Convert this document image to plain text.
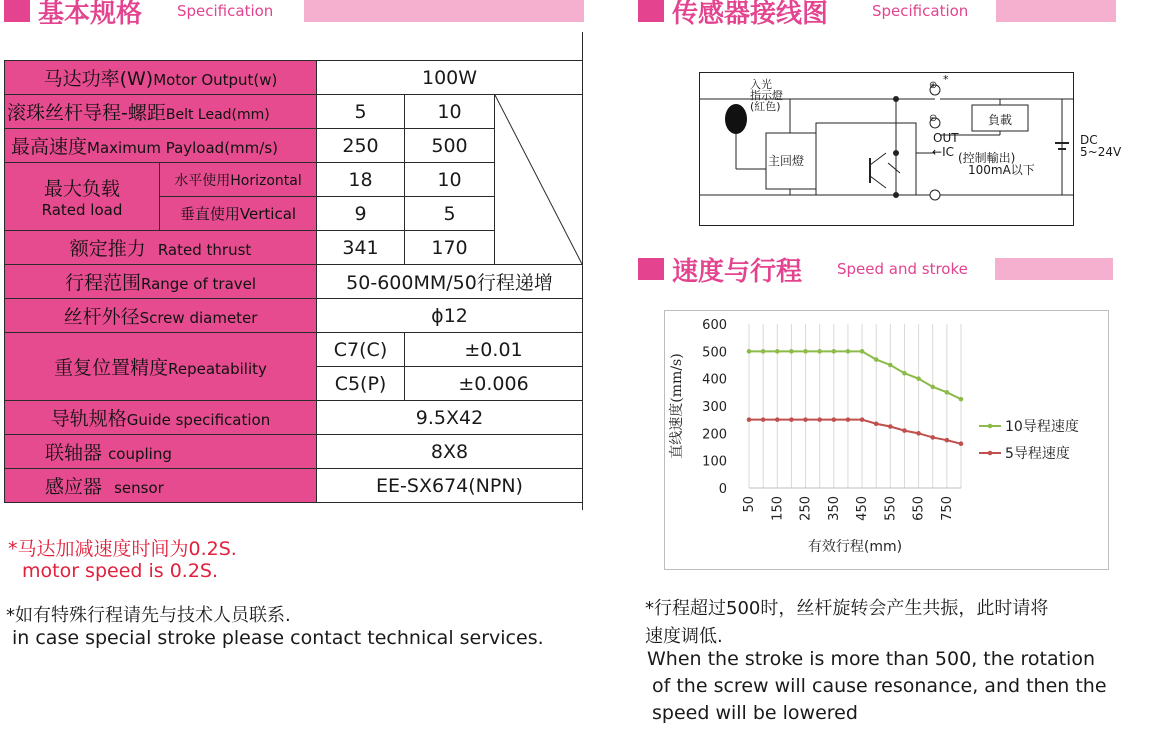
基本规格 Specification
马达功率(W)Motor Output(w)		100W		
滚珠丝杆导程-螺距Belt Lead(mm)		5	10	

最高速度Maximum Payload(mm/s)		250	500	

最大负载
Rated load	水平使用Horizontal	18	10	
	垂直使用Vertical	9	5	
额定推力 Rated thrust		341	170	
行程范围Range of travel		50-600MM/50行程递增		
丝杆外径Screw diameter		ϕ12		
重复位置精度Repeatability		C7(C)	±0.01	
		C5(P)	±0.006	
导轨规格Guide specification		9.5X42		
联轴器 coupling		8X8		
感应器 sensor		EE-SX674(NPN)		
*马达加减速度时间为0.2S.
motor speed is 0.2S.
*如有特殊行程请先与技术人员联系.
in case special stroke please contact technical services.
传感器接线图	Specification
入光
指示燈
(紅色)
主回燈
⊕ *
⊖
OUT
←IC (控制輸出)
100mA以下
負載
DC
5~24V
速度与行程 Speed and stroke
0
100
200
300
400
500
600
50 150 250 350 450 550 650 750
有效行程(mm)
直线速度(mm/s)	10导程速度
5导程速度
*行程超过500时，丝杆旋转会产生共振，此时请将
速度调低.
When the stroke is more than 500, the rotation
of the screw will cause resonance, and then the
speed will be lowered
